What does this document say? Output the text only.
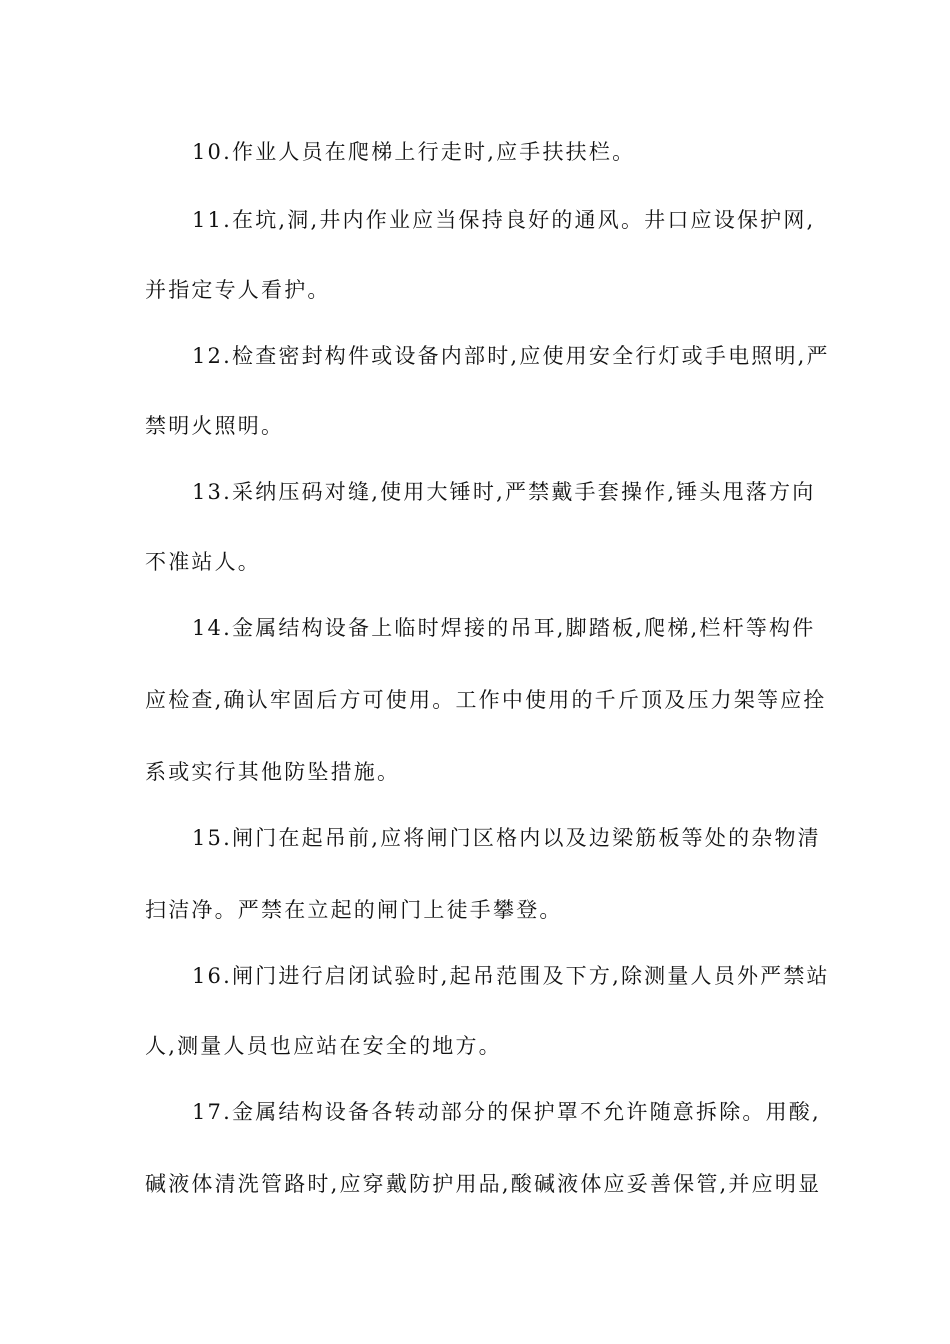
10.作业人员在爬梯上行走时,应手扶扶栏。
11.在坑,洞,井内作业应当保持良好的通风。井口应设保护网,
并指定专人看护。
12.检查密封构件或设备内部时,应使用安全行灯或手电照明,严
禁明火照明。
13.采纳压码对缝,使用大锤时,严禁戴手套操作,锤头甩落方向
不准站人。
14.金属结构设备上临时焊接的吊耳,脚踏板,爬梯,栏杆等构件
应检查,确认牢固后方可使用。工作中使用的千斤顶及压力架等应拴
系或实行其他防坠措施。
15.闸门在起吊前,应将闸门区格内以及边梁筋板等处的杂物清
扫洁净。严禁在立起的闸门上徒手攀登。
16.闸门进行启闭试验时,起吊范围及下方,除测量人员外严禁站
人,测量人员也应站在安全的地方。
17.金属结构设备各转动部分的保护罩不允许随意拆除。用酸,
碱液体清洗管路时,应穿戴防护用品,酸碱液体应妥善保管,并应明显
